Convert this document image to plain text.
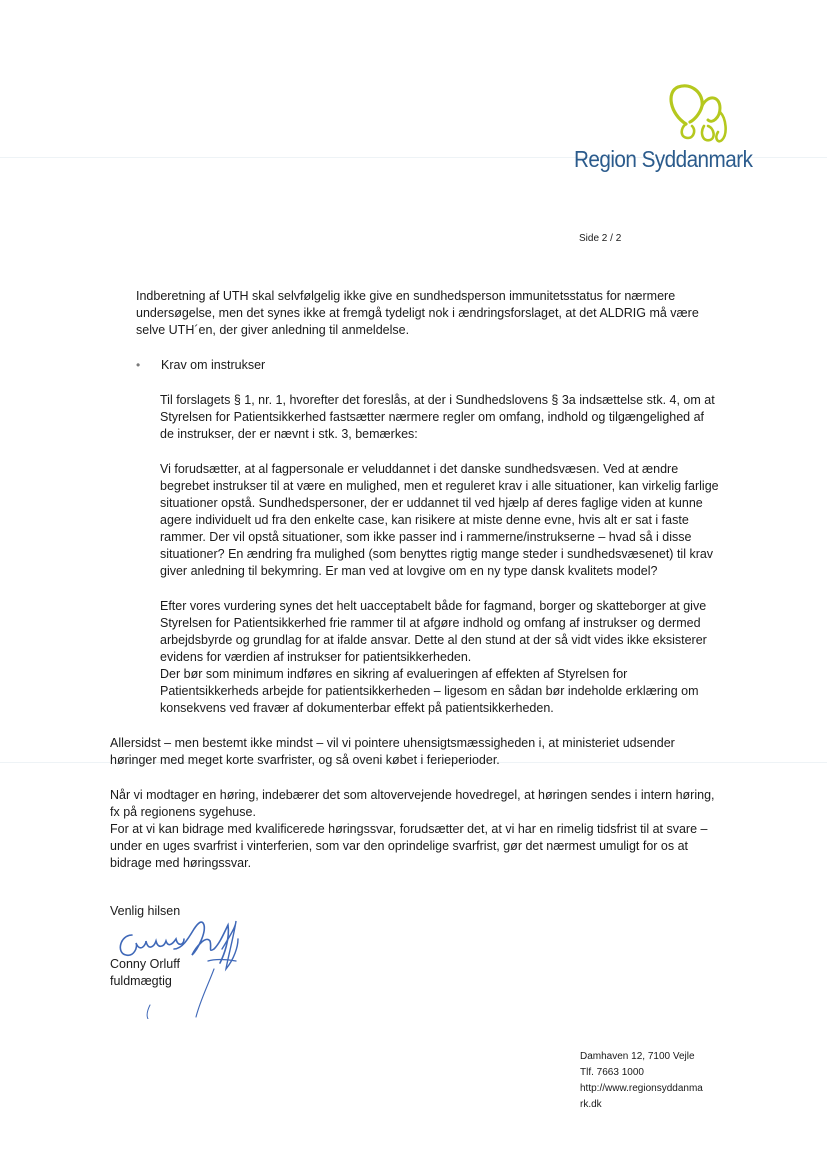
Region Syddanmark
Side 2 / 2

Indberetning af UTH skal selvfølgelig ikke give en sundhedsperson immunitetsstatus for nærmere undersøgelse, men det synes ikke at fremgå tydeligt nok i ændringsforslaget, at det ALDRIG må være selve UTH´en, der giver anledning til anmeldelse.

• Krav om instrukser

Til forslagets § 1, nr. 1, hvorefter det foreslås, at der i Sundhedslovens § 3a indsættelse stk. 4, om at Styrelsen for Patientsikkerhed fastsætter nærmere regler om omfang, indhold og tilgængelighed af de instrukser, der er nævnt i stk. 3, bemærkes:

Vi forudsætter, at al fagpersonale er veluddannet i det danske sundhedsvæsen. Ved at ændre begrebet instrukser til at være en mulighed, men et reguleret krav i alle situationer, kan virkelig farlige situationer opstå. Sundhedspersoner, der er uddannet til ved hjælp af deres faglige viden at kunne agere individuelt ud fra den enkelte case, kan risikere at miste denne evne, hvis alt er sat i faste rammer. Der vil opstå situationer, som ikke passer ind i rammerne/instrukserne – hvad så i disse situationer? En ændring fra mulighed (som benyttes rigtig mange steder i sundhedsvæsenet) til krav giver anledning til bekymring. Er man ved at lovgive om en ny type dansk kvalitets model?

Efter vores vurdering synes det helt uacceptabelt både for fagmand, borger og skatteborger at give Styrelsen for Patientsikkerhed frie rammer til at afgøre indhold og omfang af instrukser og dermed arbejdsbyrde og grundlag for at ifalde ansvar. Dette al den stund at der så vidt vides ikke eksisterer evidens for værdien af instrukser for patientsikkerheden.

Der bør som minimum indføres en sikring af evalueringen af effekten af Styrelsen for Patientsikkerheds arbejde for patientsikkerheden – ligesom en sådan bør indeholde erklæring om konsekvens ved fravær af dokumenterbar effekt på patientsikkerheden.

Allersidst – men bestemt ikke mindst – vil vi pointere uhensigtsmæssigheden i, at ministeriet udsender høringer med meget korte svarfrister, og så oveni købet i ferieperioder.

Når vi modtager en høring, indebærer det som altovervejende hovedregel, at høringen sendes i intern høring, fx på regionens sygehuse.

For at vi kan bidrage med kvalificerede høringssvar, forudsætter det, at vi har en rimelig tidsfrist til at svare – under en uges svarfrist i vinterferien, som var den oprindelige svarfrist, gør det nærmest umuligt for os at bidrage med høringssvar.

Venlig hilsen
Conny Orluff
fuldmægtig
Damhaven 12, 7100 Vejle
Tlf. 7663 1000
http://www.regionsyddanma
rk.dk
